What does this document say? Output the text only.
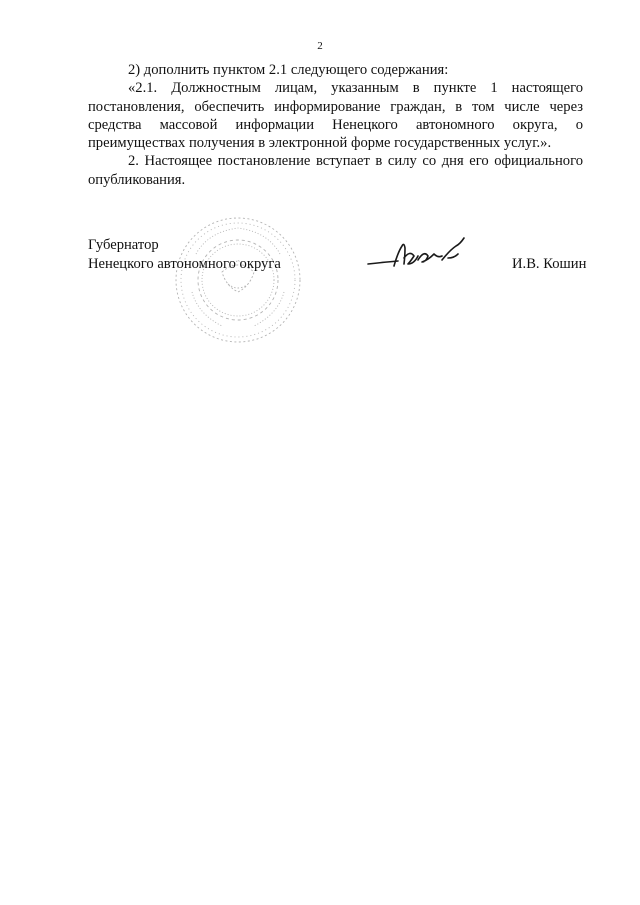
2

2) дополнить пунктом 2.1 следующего содержания:

«2.1. Должностным лицам, указанным в пункте 1 настоящего постановления, обеспечить информирование граждан, в том числе через средства массовой информации Ненецкого автономного округа, о преимуществах получения в электронной форме государственных услуг.».

2. Настоящее постановление вступает в силу со дня его официального опубликования.

Губернатор
Ненецкого автономного округа	И.В. Кошин
